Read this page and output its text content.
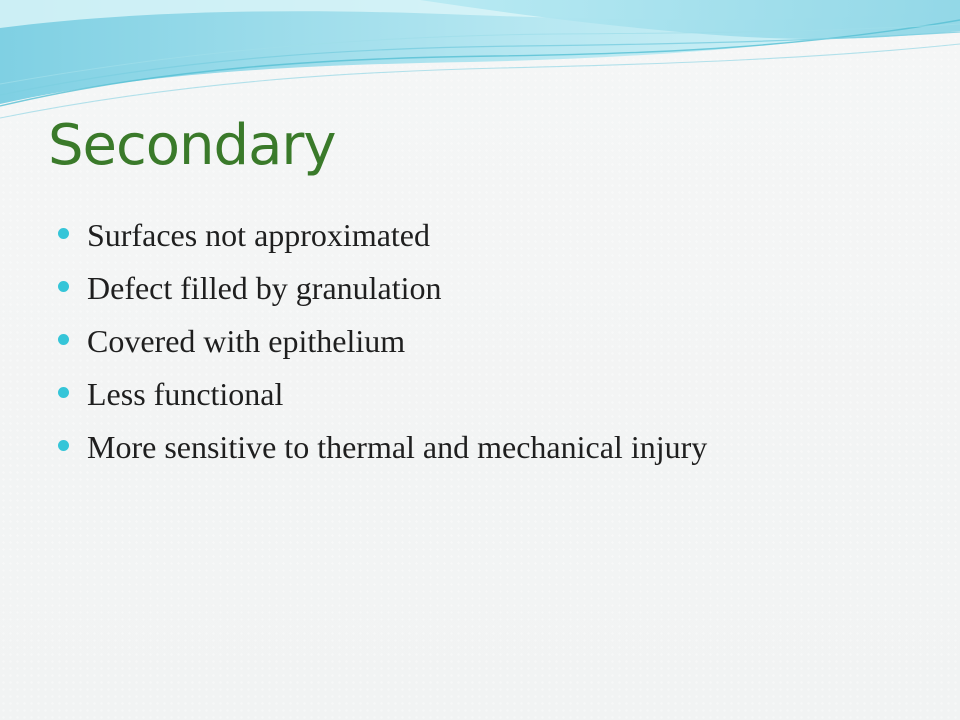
Secondary
Surfaces not approximated
Defect filled by granulation
Covered with epithelium
Less functional
More sensitive to thermal and mechanical injury
